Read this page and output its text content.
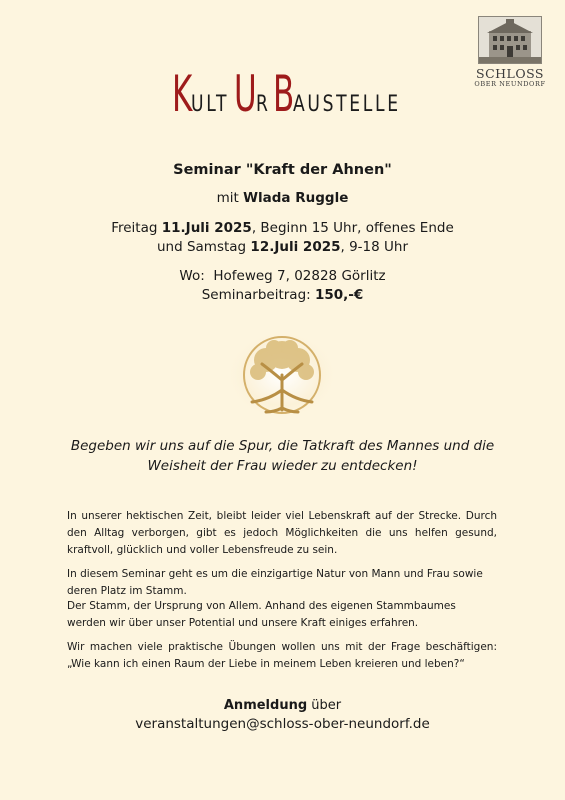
SCHLOSS
OBER NEUNDORF
KULTURBAUSTELLE
Seminar "Kraft der Ahnen"
mit Wlada Ruggle
Freitag 11.Juli 2025, Beginn 15 Uhr, offenes Ende
und Samstag 12.Juli 2025, 9-18 Uhr
Wo:  Hofeweg 7, 02828 Görlitz
Seminarbeitrag: 150,-€
Begeben wir uns auf die Spur, die Tatkraft des Mannes und die
Weisheit der Frau wieder zu entdecken!
In unserer hektischen Zeit, bleibt leider viel Lebenskraft auf der Strecke. Durch den Alltag verborgen, gibt es jedoch Möglichkeiten die uns helfen gesund, kraftvoll, glücklich und voller Lebensfreude zu sein.
In diesem Seminar geht es um die einzigartige Natur von Mann und Frau sowie deren Platz im Stamm.
Der Stamm, der Ursprung von Allem. Anhand des eigenen Stammbaumes werden wir über unser Potential und unsere Kraft einiges erfahren.
Wir machen viele praktische Übungen wollen uns mit der Frage beschäftigen: „Wie kann ich einen Raum der Liebe in meinem Leben kreieren und leben?“
Anmeldung über
veranstaltungen@schloss-ober-neundorf.de
